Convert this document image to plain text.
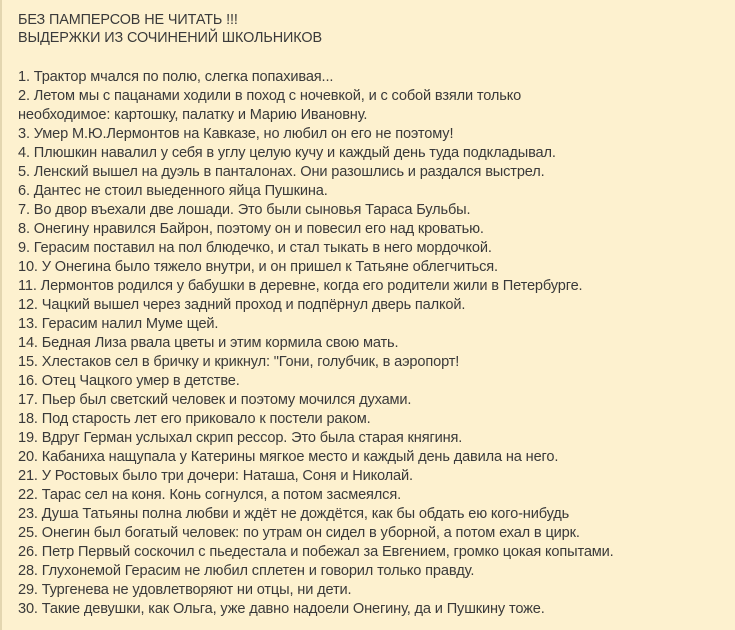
БЕЗ ПАМПЕРСОВ НЕ ЧИТАТЬ !!!
ВЫДЕРЖКИ ИЗ СОЧИНЕНИЙ ШКОЛЬНИКОВ
1. Трактор мчался по полю, слегка попахивая...
2. Летом мы с пацанами ходили в поход с ночевкой, и с собой взяли только
необходимое: картошку, палатку и Марию Ивановну.
3. Умер М.Ю.Лермонтов на Кавказе, но любил он его не поэтому!
4. Плюшкин навалил у себя в углу целую кучу и каждый день туда подкладывал.
5. Ленский вышел на дуэль в панталонах. Они разошлись и раздался выстрел.
6. Дантес не стоил выеденного яйца Пушкина.
7. Во двор въехали две лошади. Это были сыновья Тараса Бульбы.
8. Онегину нравился Байрон, поэтому он и повесил его над кроватью.
9. Герасим поставил на пол блюдечко, и стал тыкать в него мордочкой.
10. У Онегина было тяжело внутри, и он пришел к Татьяне облегчиться.
11. Лермонтов родился у бабушки в деревне, когда его родители жили в Петербурге.
12. Чацкий вышел через задний проход и подпёрнул дверь палкой.
13. Герасим налил Муме щей.
14. Бедная Лиза рвала цветы и этим кормила свою мать.
15. Хлестаков сел в бричку и крикнул: "Гони, голубчик, в аэропорт!
16. Отец Чацкого умер в детстве.
17. Пьер был светский человек и поэтому мочился духами.
18. Под старость лет его приковало к постели раком.
19. Вдруг Герман услыхал скрип рессор. Это была старая княгиня.
20. Кабаниха нащупала у Катерины мягкое место и каждый день давила на него.
21. У Ростовых было три дочери: Наташа, Соня и Николай.
22. Тарас сел на коня. Конь согнулся, а потом засмеялся.
23. Душа Татьяны полна любви и ждёт не дождётся, как бы обдать ею кого-нибудь
25. Онегин был богатый человек: по утрам он сидел в уборной, а потом ехал в цирк.
26. Петр Первый соскочил с пьедестала и побежал за Евгением, громко цокая копытами.
28. Глухонемой Герасим не любил сплетен и говорил только правду.
29. Тургенева не удовлетворяют ни отцы, ни дети.
30. Такие девушки, как Ольга, уже давно надоели Онегину, да и Пушкину тоже.
